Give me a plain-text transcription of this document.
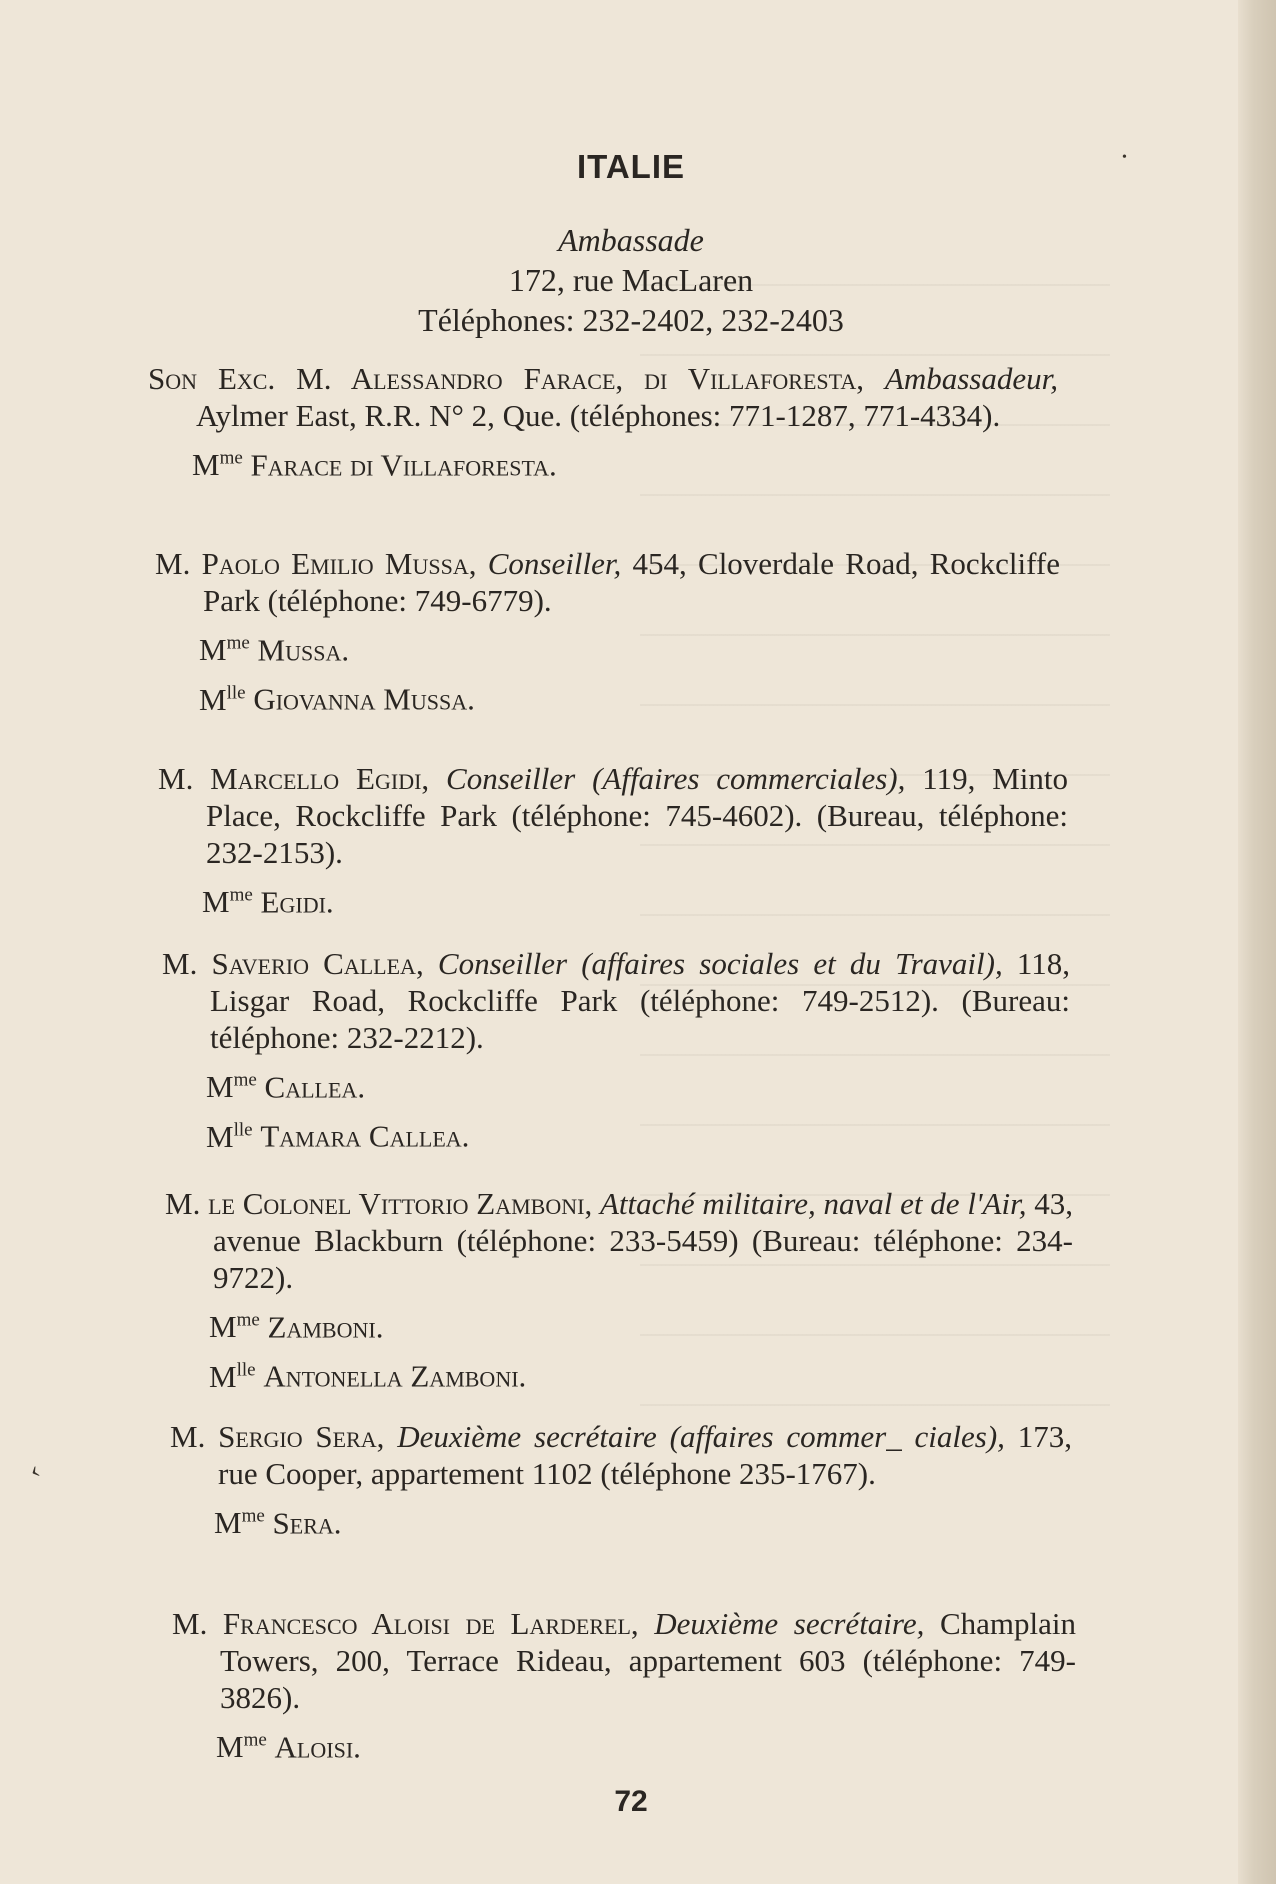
ITALIE
Ambassade
172, rue MacLaren
Téléphones: 232-2402, 232-2403
Son Exc. M. Alessandro Farace, di Villaforesta, Ambassadeur, Aylmer East, R.R. N° 2, Que. (téléphones: 771-1287, 771-4334).
$M^{me}$ Farace di Villaforesta.
M. Paolo Emilio Mussa, Conseiller, 454, Cloverdale Road, Rockcliffe Park (téléphone: 749-6779).
$M^{me}$ Mussa.
$M^{lle}$ Giovanna Mussa.
M. Marcello Egidi, Conseiller (Affaires commerciales), 119, Minto Place, Rockcliffe Park (téléphone: 745-4602). (Bureau, téléphone: 232-2153).
$M^{me}$ Egidi.
M. Saverio Callea, Conseiller (affaires sociales et du Travail), 118, Lisgar Road, Rockcliffe Park (téléphone: 749-2512). (Bureau: téléphone: 232-2212).
$M^{me}$ Callea.
$M^{lle}$ Tamara Callea.
M. le Colonel Vittorio Zamboni, Attaché militaire, naval et de l'Air, 43, avenue Blackburn (téléphone: 233-5459) (Bureau: téléphone: 234-9722).
$M^{me}$ Zamboni.
$M^{lle}$ Antonella Zamboni.
M. Sergio Sera, Deuxième secrétaire (affaires commer_ ciales), 173, rue Cooper, appartement 1102 (téléphone 235-1767).
$M^{me}$ Sera.
M. Francesco Aloisi de Larderel, Deuxième secrétaire, Champlain Towers, 200, Terrace Rideau, appartement 603 (téléphone: 749-3826).
$M^{me}$ Aloisi.
72
•
‹
